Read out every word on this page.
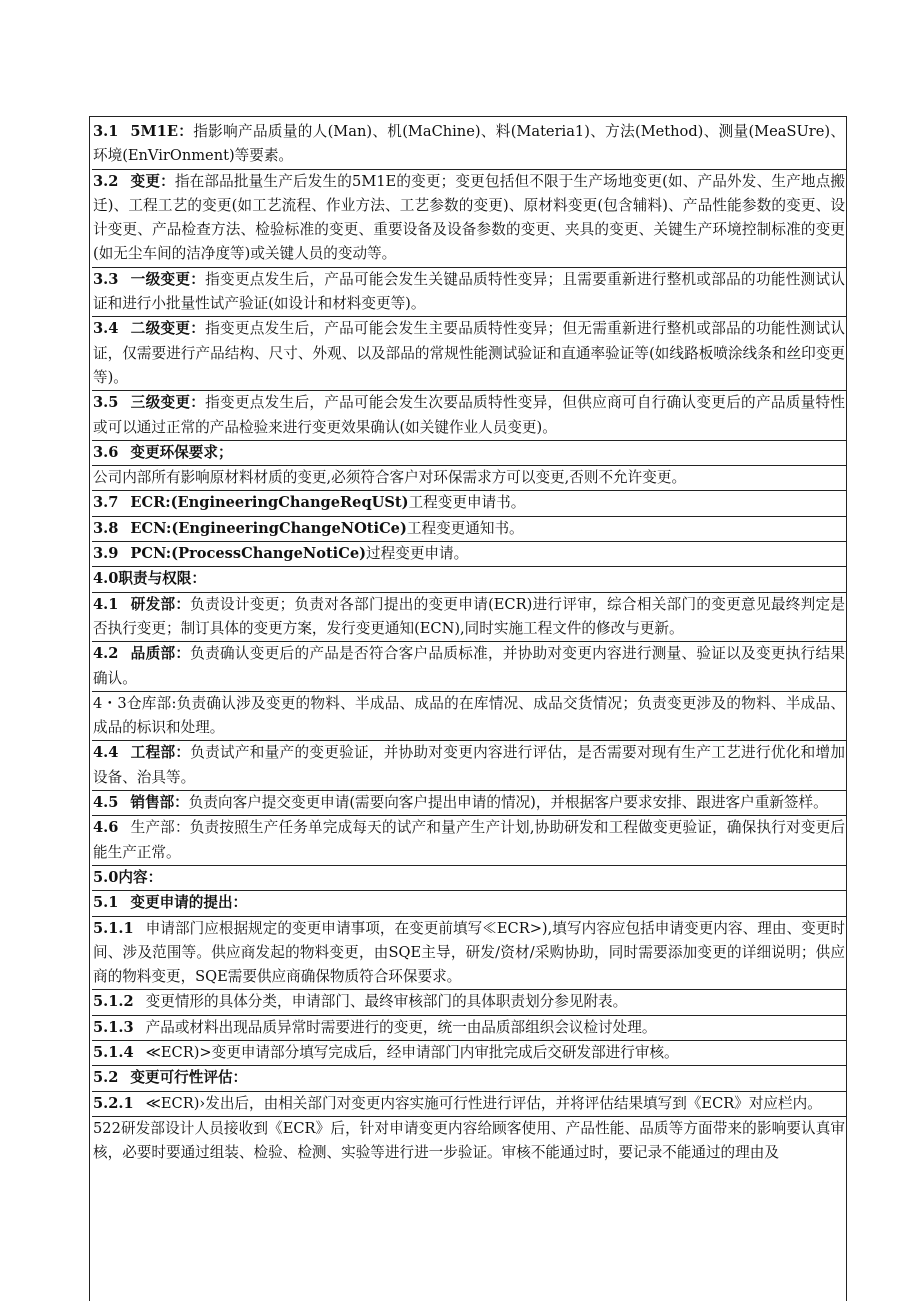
3.1 5M1E：指影响产品质量的人(Man)、机(MaChine)、料(Materia1)、方法(Method)、测量(MeaSUre)、环境(EnVirOnment)等要素。

3.2 变更：指在部品批量生产后发生的5M1E的变更；变更包括但不限于生产场地变更(如、产品外发、生产地点搬迁)、工程工艺的变更(如工艺流程、作业方法、工艺参数的变更)、原材料变更(包含辅料)、产品性能参数的变更、设计变更、产品检查方法、检验标准的变更、重要设备及设备参数的变更、夹具的变更、关键生产环境控制标准的变更(如无尘车间的洁净度等)或关键人员的变动等。

3.3 一级变更：指变更点发生后，产品可能会发生关键品质特性变异；且需要重新进行整机或部品的功能性测试认证和进行小批量性试产验证(如设计和材料变更等)。

3.4 二级变更：指变更点发生后，产品可能会发生主要品质特性变异；但无需重新进行整机或部品的功能性测试认证，仅需要进行产品结构、尺寸、外观、以及部品的常规性能测试验证和直通率验证等(如线路板喷涂线条和丝印变更等)。

3.5 三级变更：指变更点发生后，产品可能会发生次要品质特性变异，但供应商可自行确认变更后的产品质量特性或可以通过正常的产品检验来进行变更效果确认(如关键作业人员变更)。

3.6 变更环保要求；

公司内部所有影响原材料材质的变更,必须符合客户对环保需求方可以变更,否则不允许变更。

3.7 ECR:(EngineeringChangeReqUSt)工程变更申请书。

3.8 ECN:(EngineeringChangeNOtiCe)工程变更通知书。

3.9 PCN:(ProcessChangeNotiCe)过程变更申请。

4.0职责与权限：

4.1 研发部：负责设计变更；负责对各部门提出的变更申请(ECR)进行评审，综合相关部门的变更意见最终判定是否执行变更；制订具体的变更方案，发行变更通知(ECN),同时实施工程文件的修改与更新。

4.2 品质部：负责确认变更后的产品是否符合客户品质标准，并协助对变更内容进行测量、验证以及变更执行结果确认。

4・3仓库部:负责确认涉及变更的物料、半成品、成品的在库情况、成品交货情况；负责变更涉及的物料、半成品、成品的标识和处理。

4.4 工程部：负责试产和量产的变更验证，并协助对变更内容进行评估，是否需要对现有生产工艺进行优化和增加设备、治具等。

4.5 销售部：负责向客户提交变更申请(需要向客户提出申请的情况)，并根据客户要求安排、跟进客户重新签样。

4.6 生产部：负责按照生产任务单完成每天的试产和量产生产计划,协助研发和工程做变更验证，确保执行对变更后能生产正常。

5.0内容：

5.1 变更申请的提出：

5.1.1 申请部门应根据规定的变更申请事项，在变更前填写≪ECR>),填写内容应包括申请变更内容、理由、变更时间、涉及范围等。供应商发起的物料变更，由SQE主导，研发/资材/采购协助，同时需要添加变更的详细说明；供应商的物料变更，SQE需要供应商确保物质符合环保要求。

5.1.2 变更情形的具体分类，申请部门、最终审核部门的具体职责划分参见附表。

5.1.3 产品或材料出现品质异常时需要进行的变更，统一由品质部组织会议检讨处理。

5.1.4 ≪ECR)>变更申请部分填写完成后，经申请部门内审批完成后交研发部进行审核。

5.2 变更可行性评估：

5.2.1 ≪ECR)›发出后，由相关部门对变更内容实施可行性进行评估，并将评估结果填写到《ECR》对应栏内。

522研发部设计人员接收到《ECR》后，针对申请变更内容给顾客使用、产品性能、品质等方面带来的影响要认真审核，必要时要通过组装、检验、检测、实验等进行进一步验证。审核不能通过时，要记录不能通过的理由及
